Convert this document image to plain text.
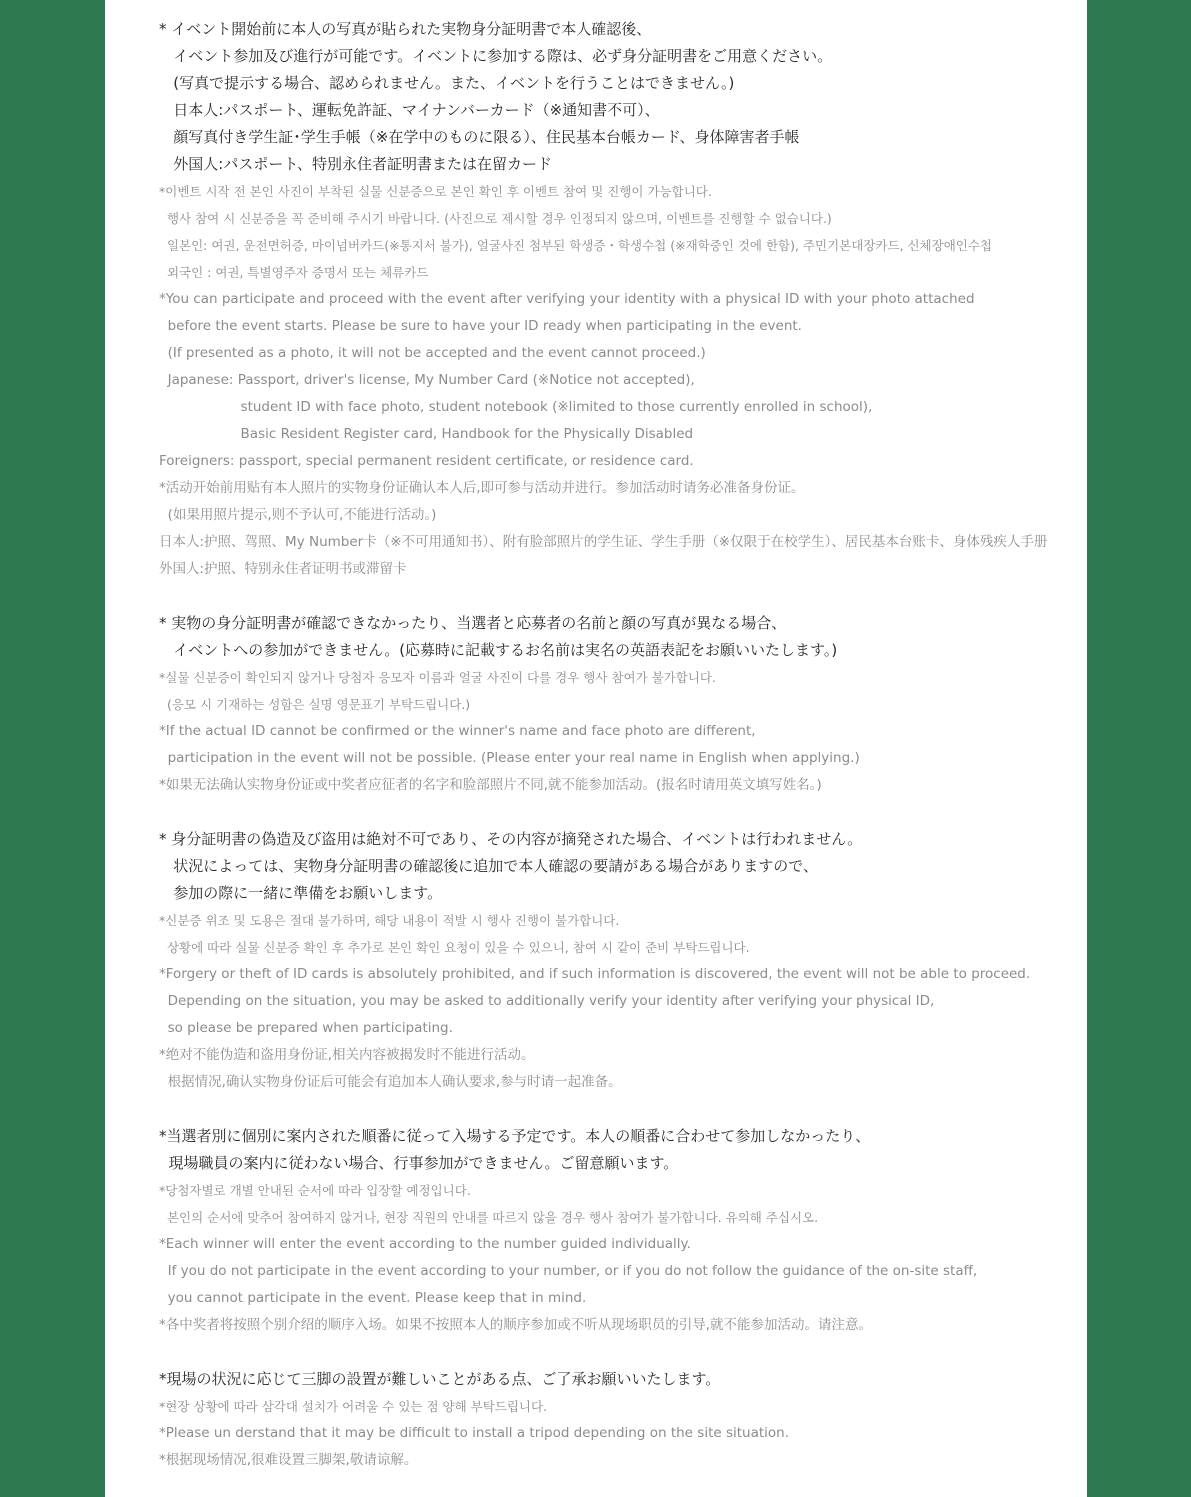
* イベント開始前に本人の写真が貼られた実物身分証明書で本人確認後、
イベント参加及び進行が可能です。イベントに参加する際は、必ず身分証明書をご用意ください。
(写真で提示する場合、認められません。また、イベントを行うことはできません。)
日本人:パスポート、運転免許証、マイナンバーカード（※通知書不可）、
顔写真付き学生証･学生手帳（※在学中のものに限る）、住民基本台帳カード、身体障害者手帳
外国人:パスポート、特別永住者証明書または在留カード
*이벤트 시작 전 본인 사진이 부착된 실물 신분증으로 본인 확인 후 이벤트 참여 및 진행이 가능합니다.
행사 참여 시 신분증을 꼭 준비해 주시기 바랍니다. (사진으로 제시할 경우 인정되지 않으며, 이벤트를 진행할 수 없습니다.)
일본인: 여권, 운전면허증, 마이넘버카드(※통지서 불가), 얼굴사진 첨부된 학생증・학생수첩 (※재학중인 것에 한함), 주민기본대장카드, 신체장애인수첩
외국인 : 여권, 특별영주자 증명서 또는 체류카드
*You can participate and proceed with the event after verifying your identity with a physical ID with your photo attached
before the event starts. Please be sure to have your ID ready when participating in the event.
(If presented as a photo, it will not be accepted and the event cannot proceed.)
Japanese: Passport, driver's license, My Number Card (※Notice not accepted),
student ID with face photo, student notebook (※limited to those currently enrolled in school),
Basic Resident Register card, Handbook for the Physically Disabled
Foreigners: passport, special permanent resident certificate, or residence card.
*活动开始前用贴有本人照片的实物身份证确认本人后,即可参与活动并进行。参加活动时请务必准备身份证。
(如果用照片提示,则不予认可,不能进行活动。)
日本人:护照、驾照、My Number卡（※不可用通知书）、附有脸部照片的学生证、学生手册（※仅限于在校学生）、居民基本台账卡、身体残疾人手册
外国人:护照、特别永住者证明书或滞留卡
* 実物の身分証明書が確認できなかったり、当選者と応募者の名前と顔の写真が異なる場合、
イベントへの参加ができません。(応募時に記載するお名前は実名の英語表記をお願いいたします。)
*실물 신분증이 확인되지 않거나 당첨자 응모자 이름과 얼굴 사진이 다를 경우 행사 참여가 불가합니다.
(응모 시 기재하는 성함은 실명 영문표기 부탁드립니다.)
*If the actual ID cannot be confirmed or the winner's name and face photo are different,
participation in the event will not be possible. (Please enter your real name in English when applying.)
*如果无法确认实物身份证或中奖者应征者的名字和脸部照片不同,就不能参加活动。(报名时请用英文填写姓名。)
* 身分証明書の偽造及び盗用は絶対不可であり、その内容が摘発された場合、イベントは行われません。
状況によっては、実物身分証明書の確認後に追加で本人確認の要請がある場合がありますので、
参加の際に一緒に準備をお願いします。
*신분증 위조 및 도용은 절대 불가하며, 해당 내용이 적발 시 행사 진행이 불가합니다.
상황에 따라 실물 신분증 확인 후 추가로 본인 확인 요청이 있을 수 있으니, 참여 시 같이 준비 부탁드립니다.
*Forgery or theft of ID cards is absolutely prohibited, and if such information is discovered, the event will not be able to proceed.
Depending on the situation, you may be asked to additionally verify your identity after verifying your physical ID,
so please be prepared when participating.
*绝对不能伪造和盗用身份证,相关内容被揭发时不能进行活动。
根据情况,确认实物身份证后可能会有追加本人确认要求,参与时请一起准备。
*当選者別に個別に案内された順番に従って入場する予定です。本人の順番に合わせて参加しなかったり、
現場職員の案内に従わない場合、行事参加ができません。ご留意願います。
*당첨자별로 개별 안내된 순서에 따라 입장할 예정입니다.
본인의 순서에 맞추어 참여하지 않거나, 현장 직원의 안내를 따르지 않을 경우 행사 참여가 불가합니다. 유의해 주십시오.
*Each winner will enter the event according to the number guided individually.
If you do not participate in the event according to your number, or if you do not follow the guidance of the on-site staff,
you cannot participate in the event. Please keep that in mind.
*各中奖者将按照个别介绍的顺序入场。如果不按照本人的顺序参加或不听从现场职员的引导,就不能参加活动。请注意。
*現場の状況に応じて三脚の設置が難しいことがある点、ご了承お願いいたします。
*현장 상황에 따라 삼각대 설치가 어려울 수 있는 점 양해 부탁드립니다.
*Please un derstand that it may be difficult to install a tripod depending on the site situation.
*根据现场情况,很难设置三脚架,敬请谅解。
